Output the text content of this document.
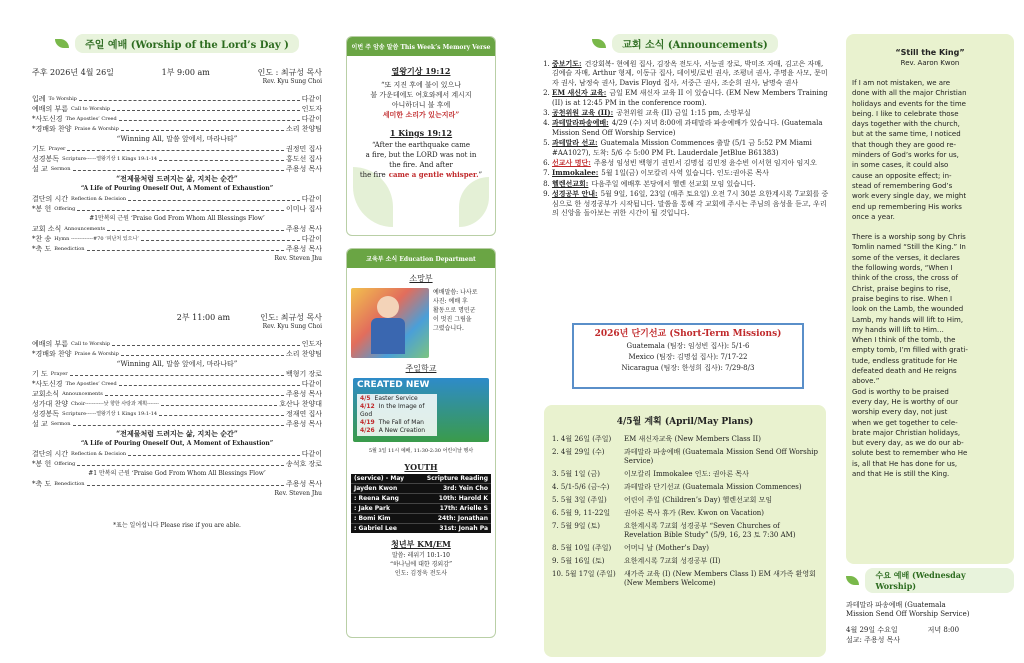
주일 예배 (Worship of the Lord’s Day )
주후 2026년 4월 26일	1부 9:00 am	인도 : 최규성 목사

Rev. Kyu Sung Choi

입례 To Worship	다같이
예배의 부름 Call to Worship	인도자
*사도신경 The Apostles’ Creed	다같이
*경배와 찬양 Praise & Worship	소리 찬양팀

“Winning All, 말씀 앞에서, 마라나타”

기도 Prayer	권정민 집사
성경봉독 Scripture------열왕기상 1 Kings 19:1-14	홍도선 집사
설 교 Sermon	주용성 목사

“전제물처럼 드려지는 삶, 지치는 순간”

“A Life of Pouring Oneself Out, A Moment of Exhaustion”

결단의 시간 Reflection & Decision	다같이
*봉 헌 Offering	이미나 집사

#1만복의 근원 ‘Praise God From Whom All Blessings Flow’

교회 소식 Announcements	주용성 목사
*찬 송 Hymn -------------#70 ‘피난처 있으니’	다같이
*축 도 Benediction	주용성 목사

Rev. Steven Jhu

2부 11:00 am	인도: 최규성 목사

Rev. Kyu Sung Choi

예배의 부름 Call to Worship	인도자
*경배와 찬양 Praise & Worship	소리 찬양팀

“Winning All, 말씀 앞에서, 마라나타”

기 도 Prayer	백형기 장로
*사도신경 The Apostles’ Creed	다같이
교회소식 Announcements	주용성 목사
성가대 찬양 Choir-----------낮 향한 사랑과 계획-------	호산나 찬양대
성경봉독 Scripture------열왕기상 1 Kings 19:1-14	정재연 집사
설 교 Sermon	주용성 목사

“전제물처럼 드려지는 삶, 지치는 순간”

“A Life of Pouring Oneself Out, A Moment of Exhaustion”

결단의 시간 Reflection & Decision	다같이
*봉 헌 Offering	송석호 장로

#1 만복의 근원 ‘Praise God From Whom All Blessings Flow’

*축 도 Benediction	주용성 목사

Rev. Steven Jhu

*표는 일어섭니다 Please rise if you are able.

이번 주 암송 말씀 This Week’s Memory Verse

열왕기상 19:12

“또 지진 후에 불이 있으나
불 가운데에도 여호와께서 계시지
아니하더니 불 후에

세미한 소리가 있는지라”

1 Kings 19:12

“After the earthquake came
a fire, but the LORD was not in
the fire. And after
the fire came a gentle whisper.”
교육부 소식 Education Department

소망부

예배말씀: 나사로
사진: 예배 후
활동으로 명민군
이 멋진 그림을
그렸습니다.

주일학교

CREATED NEW
4/5 Easter Service
4/12 In the Image of God
4/19 The Fall of Man
4/26 A New Creation

5월 3일 11시 예배, 11:30-2:30 어린이날 행사

YOUTH

(service) - May	Scripture Reading
Jayden Kwon	3rd: Yein Cho
: Reena Kang	10th: Harold K
: Jake Park	17th: Arielle S
: Bomi Kim	24th: Jonathan
: Gabriel Lee	31st: Jonah Pa

청년부 KM/EM

말씀: 레위기 10:1-10
“하나님에 대한 경외감”
인도: 김정욱 전도사
교회 소식 (Announcements)
1. 중보기도: 건강회복- 현예원 집사, 김장옥 전도사, 서능권 장로, 박미조 자매, 김고은 자매, 김예슬 자매, Arthur 형제, 이동규 집사, 데이빗/로빈 권사, 조평녀 권사, 주명윤 사모, 문미자 권사, 남정숙 권사, Davis Floyd 집사, 서중근 권사, 조순희 권사, 남명숙 권사
2. EM 새신자 교육: 금일 EM 새신자 교육 II 이 있습니다. (EM New Members Training (II) is at 12:45 PM in the conference room).
3. 공천위원 교육 (II): 공천위원 교육 (II) 금일 1:15 pm, 소망부실
4. 과테말라파송예배: 4/29 (수) 저녁 8:00에 과테말라 파송예배가 있습니다. (Guatemala Mission Send Off Worship Service)
5. 과테말라 선교: Guatemala Mission Commences 출발 (5/1 금 5:52 PM Miami #AA1027), 도착: 5/6 수 5:00 PM Ft. Lauderdale JetBlue B61383)
6. 선교사 명단: 주용성 임성빈 백형기 권민서 김명섭 김민정 윤수빈 이서현 임지아 임지오
7. Immokalee: 5월 1일(금) 이모칼리 사역 있습니다. 인도:권아론 목사
8. 헬렌선교회: 다음주일 예배후 본당에서 헬렌 선교회 모임 있습니다.
9. 성경공부 안내: 5월 9일, 16일, 23일 (매주 토요일) 오전 7시 30분 요한계시록 7교회를 중심으로 한 성경공부가 시작됩니다. 말씀을 통해 각 교회에 주시는 주님의 음성을 듣고, 우리의 신앙을 돌아보는 귀한 시간이 될 것입니다.

2026년 단기선교 (Short-Term Missions)

Guatemala (팀장: 임성빈 집사): 5/1-6
Mexico (팀장: 김명섭 집사): 7/17-22
Nicaragua (팀장: 한성희 집사): 7/29-8/3

4/5월 계획 (April/May Plans)

1. 4월 26일 (주일)	EM 새신자교육 (New Members Class II)
2. 4월 29일 (수)	과테말라 파송예배 (Guatemala Mission Send Off Worship Service)
3. 5월 1일 (금)	이모칼리 Immokalee 인도: 권아론 목사
4. 5/1-5/6 (금-수)	과테말라 단기선교 (Guatemala Mission Commences)
5. 5월 3일 (주일)	어린이 주일 (Children’s Day) 헬렌선교회 모임
6. 5월 9, 11-22일	권아론 목사 휴가 (Rev. Kwon on Vacation)
7. 5월 9일 (토)	요한계시록 7교회 성경공부 “Seven Churches of Revelation Bible Study” (5/9, 16, 23 토 7:30 AM)
8. 5월 10일 (주일)	어머니 날 (Mother’s Day)
9. 5월 16일 (토)	요한계시록 7교회 성경공부 (II)
10. 5월 17일 (주일)	새가족 교육 (I) (New Members Class I) EM 새가족 환영회 (New Members Welcome)

“Still the King”

Rev. Aaron Kwon

If I am not mistaken, we are
done with all the major Christian
holidays and events for the time
being. I like to celebrate those
days together with the church,
but at the same time, I noticed
that though they are good re-
minders of God’s works for us,
in some cases, it could also
cause an opposite effect; in-
stead of remembering God’s
work every single day, we might
end up remembering His works
once a year.
There is a worship song by Chris
Tomlin named “Still the King.” In
some of the verses, it declares
the following words, “When I
think of the cross, the cross of
Christ, praise begins to rise,
praise begins to rise. When I
look on the Lamb, the wounded
Lamb, my hands will lift to Him,
my hands will lift to Him…
When I think of the tomb, the
empty tomb, I’m filled with grati-
tude, endless gratitude for He
defeated death and He reigns
above.”
God is worthy to be praised
every day, He is worthy of our
worship every day, not just
when we get together to cele-
brate major Christian holidays,
but every day, as we do our ab-
solute best to remember who He
is, all that He has done for us,
and that He is still the King.
수요 예배 (Wednesday Worship)

과테말라 파송예배 (Guatemala

Mission Send Off Worship Service)

4월 29일 수요일	저녁 8:00

설교: 주용성 목사
